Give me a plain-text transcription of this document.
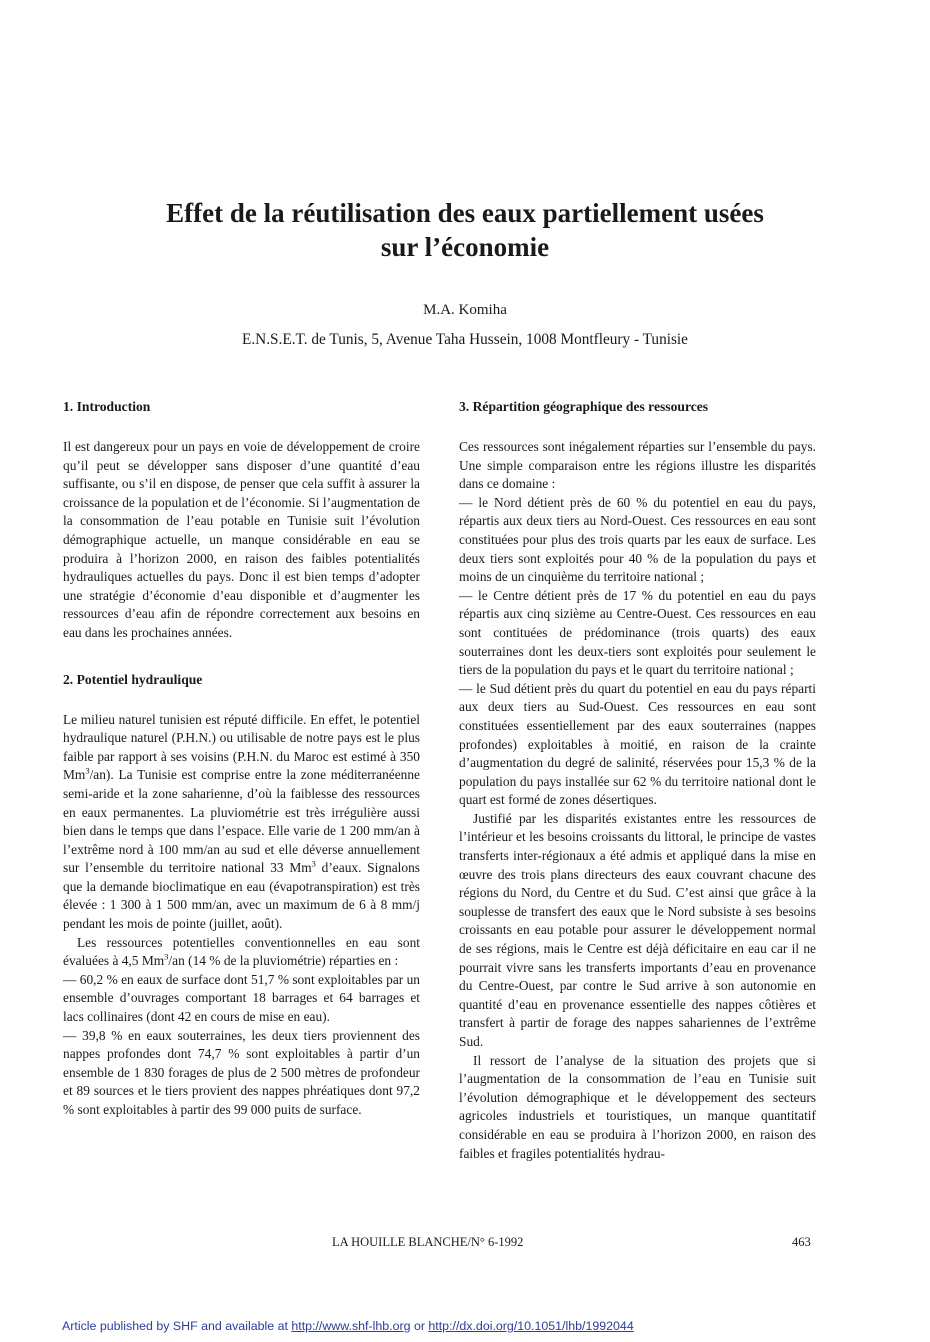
Effet de la réutilisation des eaux partiellement usées
sur l’économie

M.A. Komiha

E.N.S.E.T. de Tunis, 5, Avenue Taha Hussein, 1008 Montfleury - Tunisie

1. Introduction

Il est dangereux pour un pays en voie de développement de croire qu’il peut se développer sans disposer d’une quantité d’eau suffisante, ou s’il en dispose, de penser que cela suffit à assurer la croissance de la population et de l’économie. Si l’augmentation de la consommation de l’eau potable en Tunisie suit l’évolution démographique actuelle, un manque considérable en eau se produira à l’horizon 2000, en raison des faibles potentialités hydrauliques actuelles du pays. Donc il est bien temps d’adopter une stratégie d’économie d’eau disponible et d’augmenter les ressources d’eau afin de répondre correctement aux besoins en eau dans les prochaines années.

2. Potentiel hydraulique

Le milieu naturel tunisien est réputé difficile. En effet, le potentiel hydraulique naturel (P.H.N.) ou utilisable de notre pays est le plus faible par rapport à ses voisins (P.H.N. du Maroc est estimé à 350 Mm$^3$/an). La Tunisie est comprise entre la zone méditerranéenne semi-aride et la zone saharienne, d’où la faiblesse des ressources en eaux permanentes. La pluviométrie est très irrégulière aussi bien dans le temps que dans l’espace. Elle varie de 1 200 mm/an à l’extrême nord à 100 mm/an au sud et elle déverse annuellement sur l’ensemble du territoire national 33 Mm$^3$ d’eaux. Signalons que la demande bioclimatique en eau (évapotranspiration) est très élevée : 1 300 à 1 500 mm/an, avec un maximum de 6 à 8 mm/j pendant les mois de pointe (juillet, août).

Les ressources potentielles conventionnelles en eau sont évaluées à 4,5 Mm$^3$/an (14 % de la pluviométrie) réparties en :

— 60,2 % en eaux de surface dont 51,7 % sont exploitables par un ensemble d’ouvrages comportant 18 barrages et 64 barrages et lacs collinaires (dont 42 en cours de mise en eau).

— 39,8 % en eaux souterraines, les deux tiers proviennent des nappes profondes dont 74,7 % sont exploitables à partir d’un ensemble de 1 830 forages de plus de 2 500 mètres de profondeur et 89 sources et le tiers provient des nappes phréatiques dont 97,2 % sont exploitables à partir des 99 000 puits de surface.

3. Répartition géographique des ressources

Ces ressources sont inégalement réparties sur l’ensemble du pays. Une simple comparaison entre les régions illustre les disparités dans ce domaine :

— le Nord détient près de 60 % du potentiel en eau du pays, répartis aux deux tiers au Nord-Ouest. Ces ressources en eau sont constituées pour plus des trois quarts par les eaux de surface. Les deux tiers sont exploités pour 40 % de la population du pays et moins de un cinquième du territoire national ;

— le Centre détient près de 17 % du potentiel en eau du pays répartis aux cinq sizième au Centre-Ouest. Ces ressources en eau sont contituées de prédominance (trois quarts) des eaux souterraines dont les deux-tiers sont exploités pour seulement le tiers de la population du pays et le quart du territoire national ;

— le Sud détient près du quart du potentiel en eau du pays réparti aux deux tiers au Sud-Ouest. Ces ressources en eau sont constituées essentiellement par des eaux souterraines (nappes profondes) exploitables à moitié, en raison de la crainte d’augmentation du degré de salinité, réservées pour 15,3 % de la population du pays installée sur 62 % du territoire national dont le quart est formé de zones désertiques.

Justifié par les disparités existantes entre les ressources de l’intérieur et les besoins croissants du littoral, le principe de vastes transferts inter-régionaux a été admis et appliqué dans la mise en œuvre des trois plans directeurs des eaux couvrant chacune des régions du Nord, du Centre et du Sud. C’est ainsi que grâce à la souplesse de transfert des eaux que le Nord subsiste à ses besoins croissants en eau potable pour assurer le développement normal de ses régions, mais le Centre est déjà déficitaire en eau car il ne pourrait vivre sans les transferts importants d’eau en provenance du Centre-Ouest, par contre le Sud arrive à son autonomie en quantité d’eau en provenance essentielle des nappes côtières et transfert à partir de forage des nappes sahariennes de l’extrême Sud.

Il ressort de l’analyse de la situation des projets que si l’augmentation de la consommation de l’eau en Tunisie suit l’évolution démographique et le développement des secteurs agricoles industriels et touristiques, un manque quantitatif considérable en eau se produira à l’horizon 2000, en raison des faibles et fragiles potentialités hydrau-

LA HOUILLE BLANCHE/N° 6-1992	463

Article published by SHF and available at http://www.shf-lhb.org or http://dx.doi.org/10.1051/lhb/1992044
